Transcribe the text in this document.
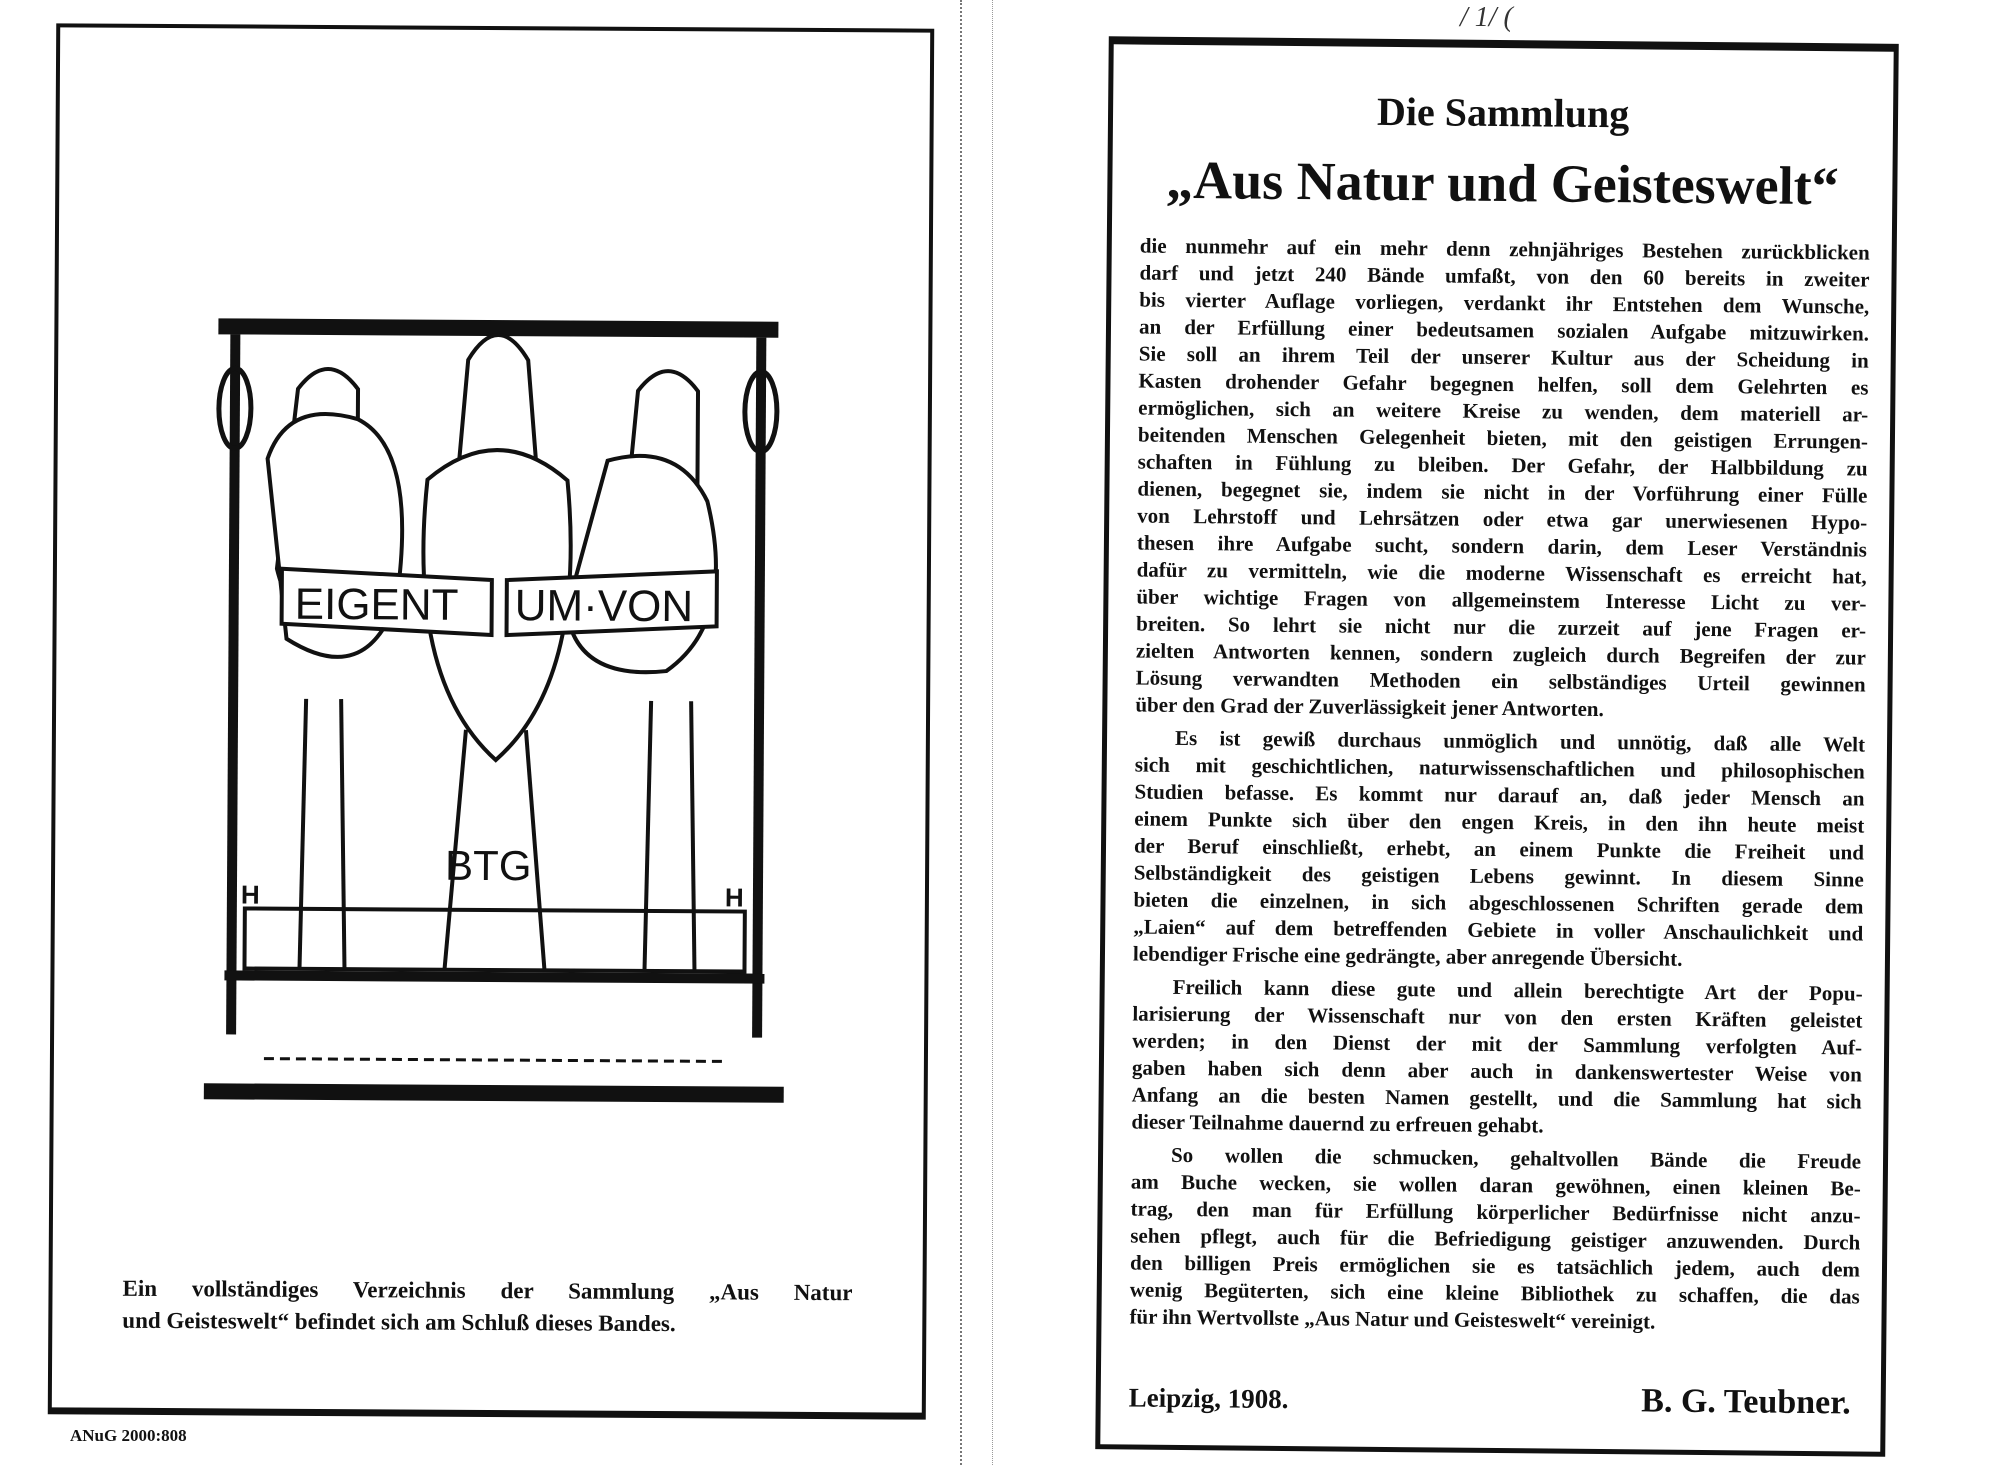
EIGENT UM·VON
BTG
H	H
Ein vollständiges Verzeichnis der Sammlung „Aus Natur
und Geisteswelt“ befindet sich am Schluß dieses Bandes.
ANuG 2000:808
/ 1/ (
Die Sammlung
„Aus Natur und Geisteswelt“
die nunmehr auf ein mehr denn zehnjähriges Bestehen zurückblicken
darf und jetzt 240 Bände umfaßt, von den 60 bereits in zweiter
bis vierter Auflage vorliegen, verdankt ihr Entstehen dem Wunsche,
an der Erfüllung einer bedeutsamen sozialen Aufgabe mitzuwirken.
Sie soll an ihrem Teil der unserer Kultur aus der Scheidung in
Kasten drohender Gefahr begegnen helfen, soll dem Gelehrten es
ermöglichen, sich an weitere Kreise zu wenden, dem materiell ar-
beitenden Menschen Gelegenheit bieten, mit den geistigen Errungen-
schaften in Fühlung zu bleiben. Der Gefahr, der Halbbildung zu
dienen, begegnet sie, indem sie nicht in der Vorführung einer Fülle
von Lehrstoff und Lehrsätzen oder etwa gar unerwiesenen Hypo-
thesen ihre Aufgabe sucht, sondern darin, dem Leser Verständnis
dafür zu vermitteln, wie die moderne Wissenschaft es erreicht hat,
über wichtige Fragen von allgemeinstem Interesse Licht zu ver-
breiten. So lehrt sie nicht nur die zurzeit auf jene Fragen er-
zielten Antworten kennen, sondern zugleich durch Begreifen der zur
Lösung verwandten Methoden ein selbständiges Urteil gewinnen
über den Grad der Zuverlässigkeit jener Antworten.
Es ist gewiß durchaus unmöglich und unnötig, daß alle Welt
sich mit geschichtlichen, naturwissenschaftlichen und philosophischen
Studien befasse. Es kommt nur darauf an, daß jeder Mensch an
einem Punkte sich über den engen Kreis, in den ihn heute meist
der Beruf einschließt, erhebt, an einem Punkte die Freiheit und
Selbständigkeit des geistigen Lebens gewinnt. In diesem Sinne
bieten die einzelnen, in sich abgeschlossenen Schriften gerade dem
„Laien“ auf dem betreffenden Gebiete in voller Anschaulichkeit und
lebendiger Frische eine gedrängte, aber anregende Übersicht.
Freilich kann diese gute und allein berechtigte Art der Popu-
larisierung der Wissenschaft nur von den ersten Kräften geleistet
werden; in den Dienst der mit der Sammlung verfolgten Auf-
gaben haben sich denn aber auch in dankenswertester Weise von
Anfang an die besten Namen gestellt, und die Sammlung hat sich
dieser Teilnahme dauernd zu erfreuen gehabt.
So wollen die schmucken, gehaltvollen Bände die Freude
am Buche wecken, sie wollen daran gewöhnen, einen kleinen Be-
trag, den man für Erfüllung körperlicher Bedürfnisse nicht anzu-
sehen pflegt, auch für die Befriedigung geistiger anzuwenden. Durch
den billigen Preis ermöglichen sie es tatsächlich jedem, auch dem
wenig Begüterten, sich eine kleine Bibliothek zu schaffen, die das
für ihn Wertvollste „Aus Natur und Geisteswelt“ vereinigt.
Leipzig, 1908.	B. G. Teubner.
